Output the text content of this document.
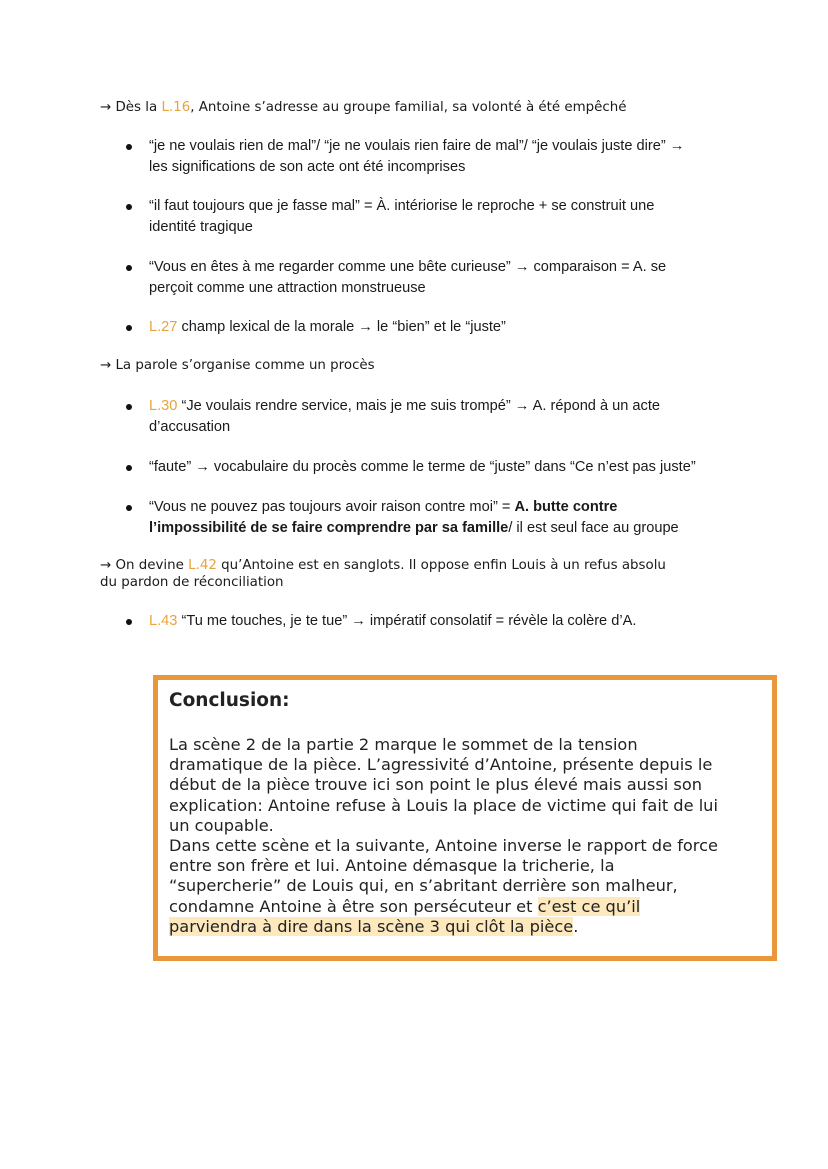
→ Dès la L.16, Antoine s’adresse au groupe familial, sa volonté à été empêché
“je ne voulais rien de mal”/ “je ne voulais rien faire de mal”/ “je voulais juste dire” →
les significations de son acte ont été incomprises
“il faut toujours que je fasse mal” = À. intériorise le reproche + se construit une
identité tragique
“Vous en êtes à me regarder comme une bête curieuse” → comparaison = A. se
perçoit comme une attraction monstrueuse
L.27 champ lexical de la morale → le “bien” et le “juste”
→ La parole s’organise comme un procès
L.30 “Je voulais rendre service, mais je me suis trompé” → A. répond à un acte
d’accusation
“faute” → vocabulaire du procès comme le terme de “juste” dans “Ce n’est pas juste”
“Vous ne pouvez pas toujours avoir raison contre moi” = A. butte contre
l’impossibilité de se faire comprendre par sa famille/ il est seul face au groupe
→ On devine L.42 qu’Antoine est en sanglots. Il oppose enfin Louis à un refus absolu
du pardon de réconciliation
L.43 “Tu me touches, je te tue” → impératif consolatif = révèle la colère d’A.
Conclusion:
La scène 2 de la partie 2 marque le sommet de la tension
dramatique de la pièce. L’agressivité d’Antoine, présente depuis le
début de la pièce trouve ici son point le plus élevé mais aussi son
explication: Antoine refuse à Louis la place de victime qui fait de lui
un coupable.
Dans cette scène et la suivante, Antoine inverse le rapport de force
entre son frère et lui. Antoine démasque la tricherie, la
“supercherie” de Louis qui, en s’abritant derrière son malheur,
condamne Antoine à être son persécuteur et c’est ce qu’il
parviendra à dire dans la scène 3 qui clôt la pièce.
